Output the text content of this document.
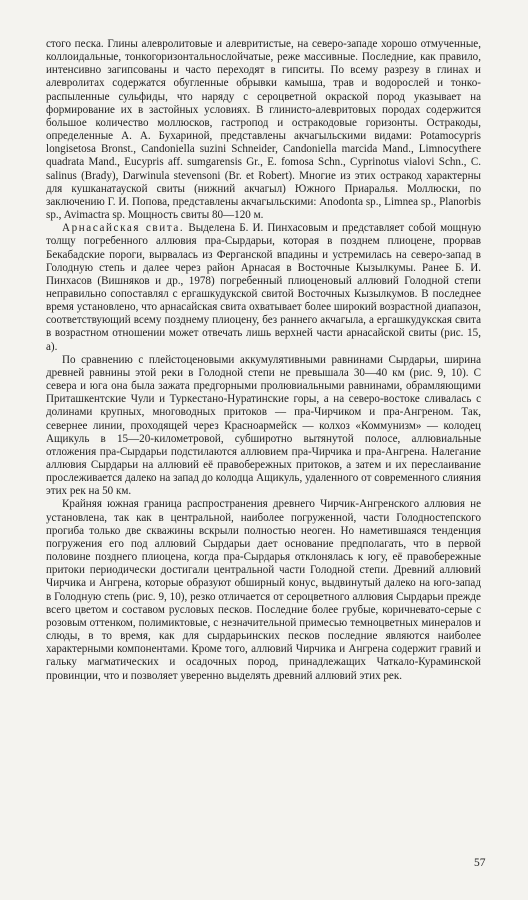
стого песка. Глины алевролитовые и алевритистые, на северо-западе хорошо отмученные, коллоидальные, тонкогоризонтальнослойчатые, реже массивные. Последние, как правило, интенсивно загипсованы и часто переходят в гипситы. По всему разрезу в глинах и алевролитах содержатся обугленные обрывки камыша, трав и водорослей и тонко-распыленные сульфиды, что наряду с сероцветной окраской пород указывает на формирование их в застойных условиях. В глинисто-алевритовых породах содержится большое количество моллюсков, гастропод и остракодовые горизонты. Остракоды, определенные А. А. Бухариной, представлены акчагыльскими видами: Potamocypris longisetosa Bronst., Candoniella suzini Schneider, Candoniella marcida Mand., Limnocythere quadrata Mand., Eucypris aff. sumgarensis Gr., E. fomosa Schn., Cyprinotus vialovi Schn., C. salinus (Brady), Darwinula stevensoni (Br. et Robert). Многие из этих остракод характерны для кушканатауской свиты (нижний акчагыл) Южного Приаралья. Моллюски, по заключению Г. И. Попова, представлены акчагыльскими: Anodonta sp., Limnea sp., Planorbis sp., Avimactra sp. Мощность свиты 80—120 м.

Арнасайская свита. Выделена Б. И. Пинхасовым и представляет собой мощную толщу погребенного аллювия пра-Сырдарьи, которая в позднем плиоцене, прорвав Бекабадские пороги, вырвалась из Ферганской впадины и устремилась на северо-запад в Голодную степь и далее через район Арнасая в Восточные Кызылкумы. Ранее Б. И. Пинхасов (Вишняков и др., 1978) погребенный плиоценовый аллювий Голодной степи неправильно сопоставлял с ергашкудукской свитой Восточных Кызылкумов. В последнее время установлено, что арнасайская свита охватывает более широкий возрастной диапазон, соответствующий всему позднему плиоцену, без раннего акчагыла, а ергашкудукская свита в возрастном отношении может отвечать лишь верхней части арнасайской свиты (рис. 15, а).

По сравнению с плейстоценовыми аккумулятивными равнинами Сырдарьи, ширина древней равнины этой реки в Голодной степи не превышала 30—40 км (рис. 9, 10). С севера и юга она была зажата предгорными пролювиальными равнинами, обрамляющими Приташкентские Чули и Туркестано-Нуратинские горы, а на северо-востоке сливалась с долинами крупных, многоводных притоков — пра-Чирчиком и пра-Ангреном. Так, севернее линии, проходящей через Красноармейск — колхоз «Коммунизм» — колодец Ащикуль в 15—20-километровой, субширотно вытянутой полосе, аллювиальные отложения пра-Сырдарьи подстилаются аллювием пра-Чирчика и пра-Ангрена. Налегание аллювия Сырдарьи на аллювий её правобережных притоков, а затем и их переслаивание прослеживается далеко на запад до колодца Ащикуль, удаленного от современного слияния этих рек на 50 км.

Крайняя южная граница распространения древнего Чирчик-Ангренского аллювия не установлена, так как в центральной, наиболее погруженной, части Голодностепского прогиба только две скважины вскрыли полностью неоген. Но наметившаяся тенденция погружения его под аллювий Сырдарьи дает основание предполагать, что в первой половине позднего плиоцена, когда пра-Сырдарья отклонялась к югу, её правобережные притоки периодически достигали центральной части Голодной степи. Древний аллювий Чирчика и Ангрена, которые образуют обширный конус, выдвинутый далеко на юго-запад в Голодную степь (рис. 9, 10), резко отличается от сероцветного аллювия Сырдарьи прежде всего цветом и составом русловых песков. Последние более грубые, коричневато-серые с розовым оттенком, полимиктовые, с незначительной примесью темноцветных минералов и слюды, в то время, как для сырдарьинских песков последние являются наиболее характерными компонентами. Кроме того, аллювий Чирчика и Ангрена содержит гравий и гальку магматических и осадочных пород, принадлежащих Чаткало-Кураминской провинции, что и позволяет уверенно выделять древний аллювий этих рек.

57
